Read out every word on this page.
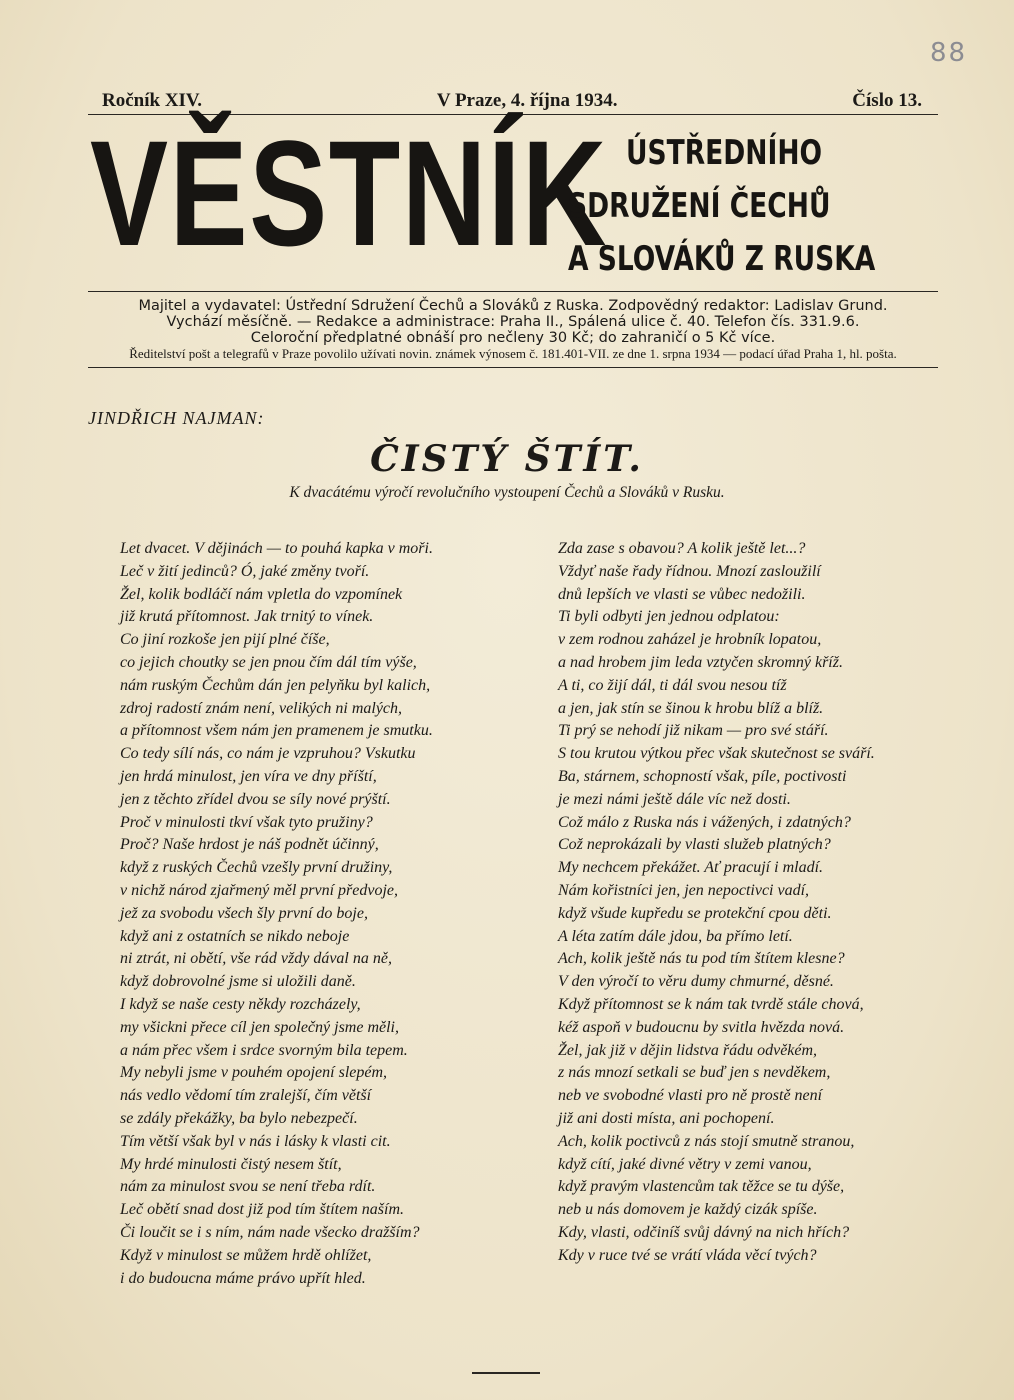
88
Ročník XIV.	V Praze, 4. října 1934.	Číslo 13.
VĚSTNÍK ÚSTŘEDNÍHO
SDRUŽENÍ ČECHŮ
A SLOVÁKŮ Z RUSKA
Majitel a vydavatel: Ústřední Sdružení Čechů a Slováků z Ruska. Zodpovědný redaktor: Ladislav Grund.
Vychází měsíčně. — Redakce a administrace: Praha II., Spálená ulice č. 40. Telefon čís. 331.9.6.
Celoroční předplatné obnáší pro nečleny 30 Kč; do zahraničí o 5 Kč více.
Ředitelství pošt a telegrafů v Praze povolilo užívati novin. známek výnosem č. 181.401-VII. ze dne 1. srpna 1934 — podací úřad Praha 1, hl. pošta.
JINDŘICH NAJMAN:
ČISTÝ ŠTÍT.
K dvacátému výročí revolučního vystoupení Čechů a Slováků v Rusku.
Let dvacet. V dějinách — to pouhá kapka v moři.
Leč v žití jedinců? Ó, jaké změny tvoří.
Žel, kolik bodláčí nám vpletla do vzpomínek
již krutá přítomnost. Jak trnitý to vínek.
Co jiní rozkoše jen pijí plné číše,
co jejich choutky se jen pnou čím dál tím výše,
nám ruským Čechům dán jen pelyňku byl kalich,
zdroj radostí znám není, velikých ni malých,
a přítomnost všem nám jen pramenem je smutku.
Co tedy sílí nás, co nám je vzpruhou? Vskutku
jen hrdá minulost, jen víra ve dny příští,
jen z těchto zřídel dvou se síly nové prýští.
Proč v minulosti tkví však tyto pružiny?
Proč? Naše hrdost je náš podnět účinný,
když z ruských Čechů vzešly první družiny,
v nichž národ zjařmený měl první předvoje,
jež za svobodu všech šly první do boje,
když ani z ostatních se nikdo neboje
ni ztrát, ni obětí, vše rád vždy dával na ně,
když dobrovolné jsme si uložili daně.
I když se naše cesty někdy rozcházely,
my všickni přece cíl jen společný jsme měli,
a nám přec všem i srdce svorným bila tepem.
My nebyli jsme v pouhém opojení slepém,
nás vedlo vědomí tím zralejší, čím větší
se zdály překážky, ba bylo nebezpečí.
Tím větší však byl v nás i lásky k vlasti cit.
My hrdé minulosti čistý nesem štít,
nám za minulost svou se není třeba rdít.
Leč obětí snad dost již pod tím štítem naším.
Či loučit se i s ním, nám nade všecko dražším?
Když v minulost se můžem hrdě ohlížet,
i do budoucna máme právo upřít hled.
Zda zase s obavou? A kolik ještě let...?
Vždyť naše řady řídnou. Mnozí zasloužilí
dnů lepších ve vlasti se vůbec nedožili.
Ti byli odbyti jen jednou odplatou:
v zem rodnou zaházel je hrobník lopatou,
a nad hrobem jim leda vztyčen skromný kříž.
A ti, co žijí dál, ti dál svou nesou tíž
a jen, jak stín se šinou k hrobu blíž a blíž.
Ti prý se nehodí již nikam — pro své stáří.
S tou krutou výtkou přec však skutečnost se sváří.
Ba, stárnem, schopností však, píle, poctivosti
je mezi námi ještě dále víc než dosti.
Což málo z Ruska nás i vážených, i zdatných?
Což neprokázali by vlasti služeb platných?
My nechcem překážet. Ať pracují i mladí.
Nám kořistníci jen, jen nepoctivci vadí,
když všude kupředu se protekční cpou děti.
A léta zatím dále jdou, ba přímo letí.
Ach, kolik ještě nás tu pod tím štítem klesne?
V den výročí to věru dumy chmurné, děsné.
Když přítomnost se k nám tak tvrdě stále chová,
kéž aspoň v budoucnu by svitla hvězda nová.
Žel, jak již v dějin lidstva řádu odvěkém,
z nás mnozí setkali se buď jen s nevděkem,
neb ve svobodné vlasti pro ně prostě není
již ani dosti místa, ani pochopení.
Ach, kolik poctivců z nás stojí smutně stranou,
když cítí, jaké divné větry v zemi vanou,
když pravým vlastencům tak těžce se tu dýše,
neb u nás domovem je každý cizák spíše.
Kdy, vlasti, odčiníš svůj dávný na nich hřích?
Kdy v ruce tvé se vrátí vláda věcí tvých?
